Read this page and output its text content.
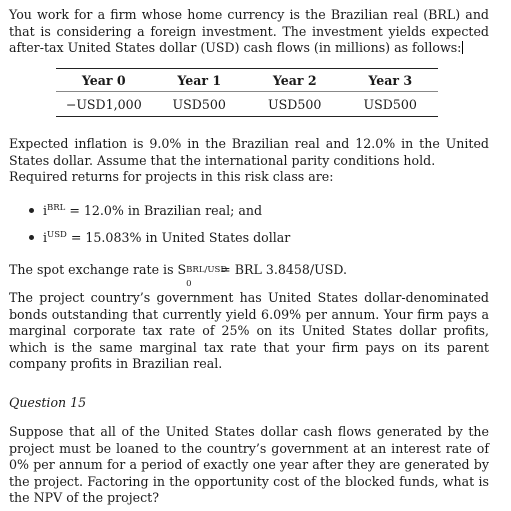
You work for a firm whose home currency is the Brazilian real (BRL) and that is considering a foreign investment. The investment yields expected after-tax United States dollar (USD) cash flows (in millions) as follows:
Year 0	Year 1	Year 2	Year 3
−USD1,000	USD500	USD500	USD500
Expected inflation is 9.0% in the Brazilian real and 12.0% in the United States dollar. Assume that the international parity conditions hold.
Required returns for projects in this risk class are:
$i^{BRL} = 12.0\%$ in Brazilian real; and
$i^{USD} = 15.083\%$ in United States dollar
The spot exchange rate is S BRL/USD
0
= BRL 3.8458/USD.
The project country’s government has United States dollar-denominated bonds outstanding that currently yield 6.09% per annum. Your firm pays a marginal corporate tax rate of 25% on its United States dollar profits, which is the same marginal tax rate that your firm pays on its parent company profits in Brazilian real.
Question 15
Suppose that all of the United States dollar cash flows generated by the project must be loaned to the country’s government at an interest rate of 0% per annum for a period of exactly one year after they are generated by the project. Factoring in the opportunity cost of the blocked funds, what is the NPV of the project?
